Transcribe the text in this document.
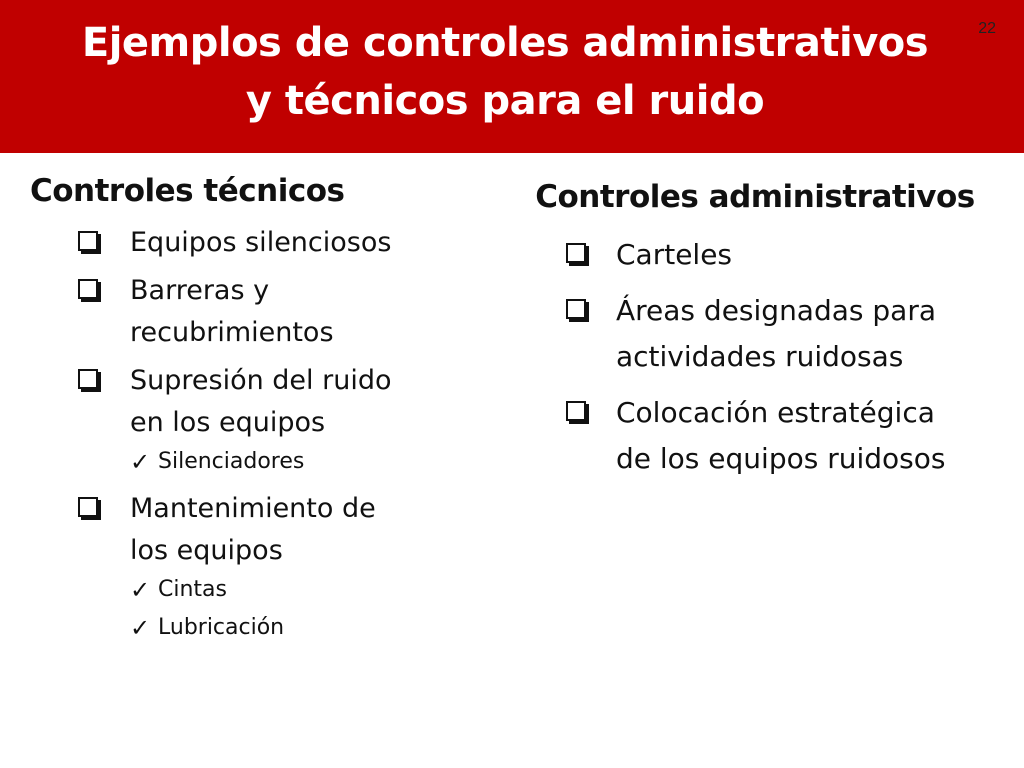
Ejemplos de controles administrativos
y técnicos para el ruido
22
Controles técnicos
Equipos silenciosos
Barreras y
recubrimientos
Supresión del ruido
en los equipos
✓ Silenciadores
Mantenimiento de
los equipos
✓ Cintas
✓ Lubricación
Controles administrativos
Carteles
Áreas designadas para
actividades ruidosas
Colocación estratégica
de los equipos ruidosos
